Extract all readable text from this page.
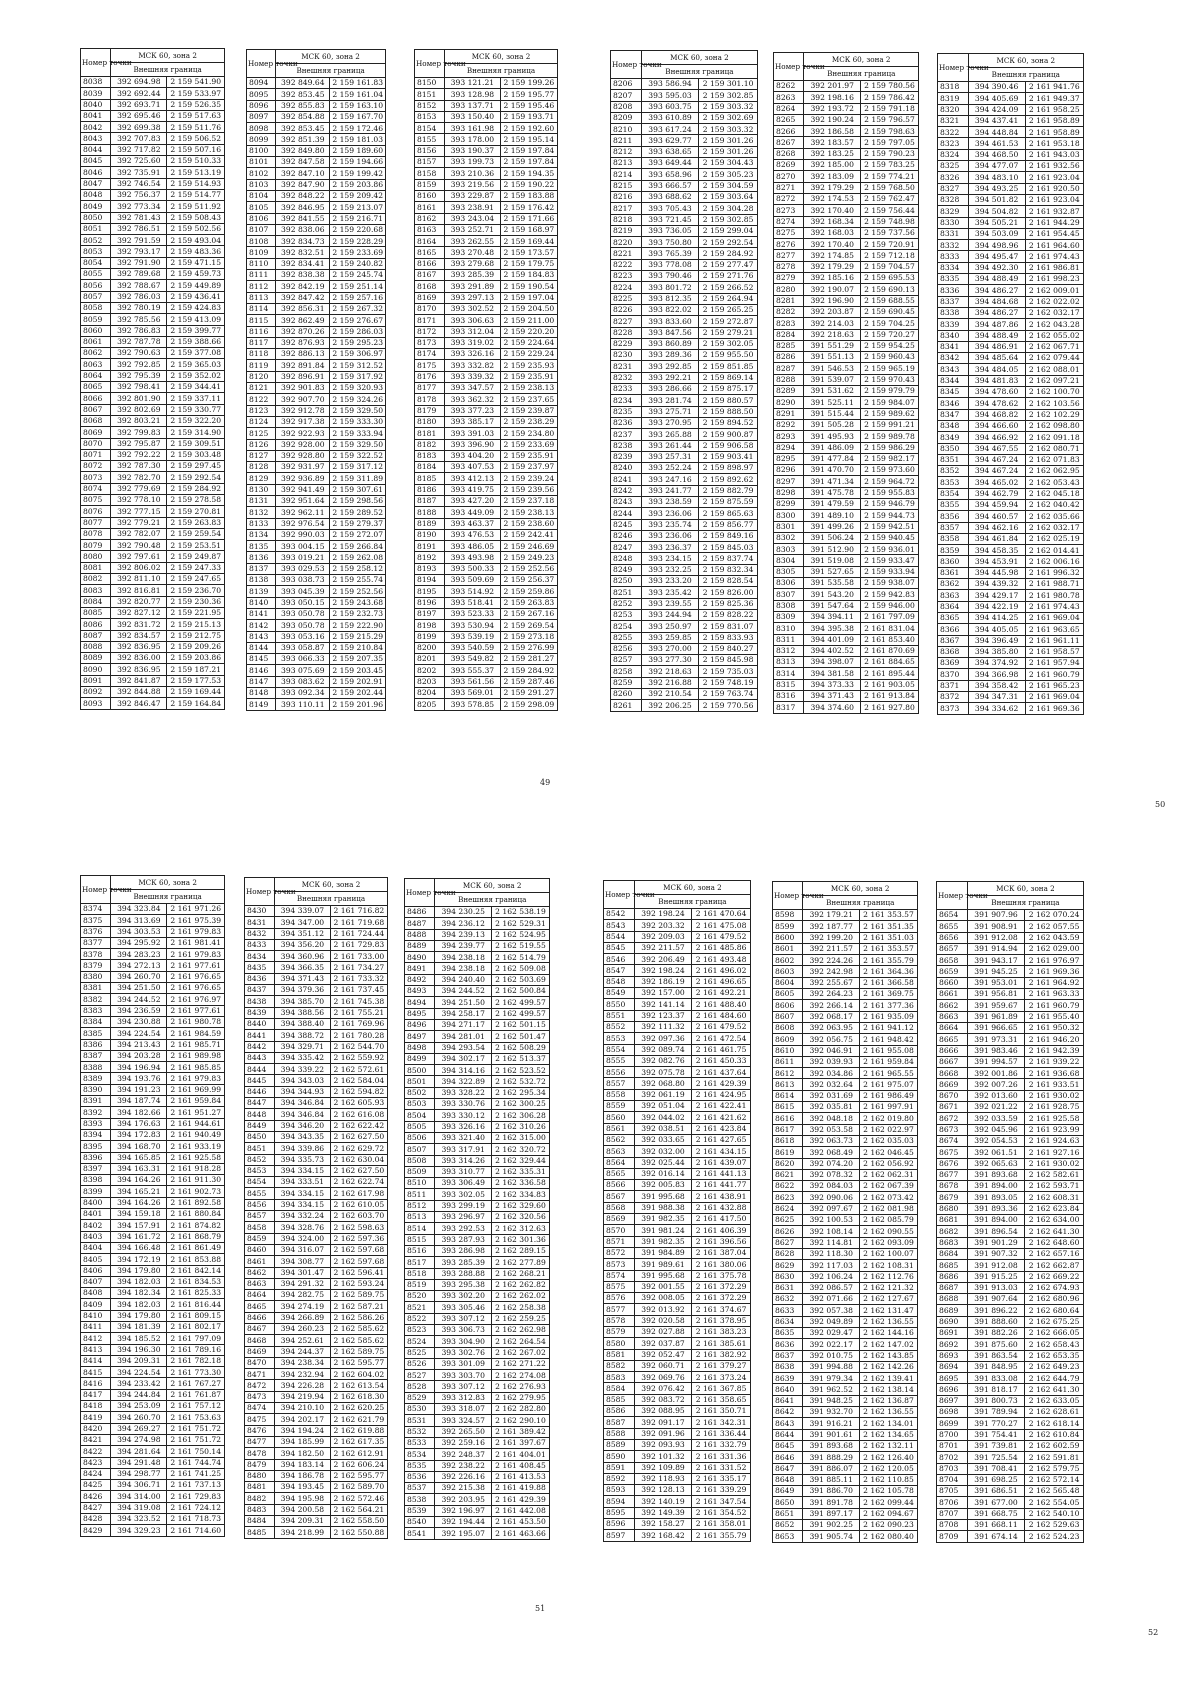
Номер точки	МСК 60, зона 2	
	Внешняя граница	
8038	392 694.98	2 159 541.90
8039	392 692.44	2 159 533.97
8040	392 693.71	2 159 526.35
8041	392 695.46	2 159 517.63
8042	392 699.38	2 159 511.76
8043	392 707.83	2 159 506.52
8044	392 717.82	2 159 507.16
8045	392 725.60	2 159 510.33
8046	392 735.91	2 159 513.19
8047	392 746.54	2 159 514.93
8048	392 756.37	2 159 514.77
8049	392 773.34	2 159 511.92
8050	392 781.43	2 159 508.43
8051	392 786.51	2 159 502.56
8052	392 791.59	2 159 493.04
8053	392 793.17	2 159 483.36
8054	392 791.90	2 159 471.15
8055	392 789.68	2 159 459.73
8056	392 788.67	2 159 449.89
8057	392 786.03	2 159 436.41
8058	392 780.19	2 159 424.83
8059	392 785.56	2 159 413.09
8060	392 786.83	2 159 399.77
8061	392 787.78	2 159 388.66
8062	392 790.63	2 159 377.08
8063	392 792.85	2 159 365.03
8064	392 795.39	2 159 352.02
8065	392 798.41	2 159 344.41
8066	392 801.90	2 159 337.11
8067	392 802.69	2 159 330.77
8068	392 803.21	2 159 322.20
8069	392 799.83	2 159 314.90
8070	392 795.87	2 159 309.51
8071	392 792.22	2 159 303.48
8072	392 787.30	2 159 297.45
8073	392 782.70	2 159 292.54
8074	392 779.69	2 159 284.92
8075	392 778.10	2 159 278.58
8076	392 777.15	2 159 270.81
8077	392 779.21	2 159 263.83
8078	392 782.07	2 159 259.54
8079	392 790.48	2 159 253.51
8080	392 797.61	2 159 249.87
8081	392 806.02	2 159 247.33
8082	392 811.10	2 159 247.65
8083	392 816.81	2 159 236.70
8084	392 820.77	2 159 230.36
8085	392 827.12	2 159 221.95
8086	392 831.72	2 159 215.13
8087	392 834.57	2 159 212.75
8088	392 836.95	2 159 209.26
8089	392 836.00	2 159 203.86
8090	392 836.95	2 159 187.21
8091	392 841.87	2 159 177.53
8092	392 844.88	2 159 169.44
8093	392 846.47	2 159 164.84
Номер точки	МСК 60, зона 2	
	Внешняя граница	
8094	392 849.64	2 159 161.83
8095	392 853.45	2 159 161.04
8096	392 855.83	2 159 163.10
8097	392 854.88	2 159 167.70
8098	392 853.45	2 159 172.46
8099	392 851.39	2 159 181.03
8100	392 849.80	2 159 189.60
8101	392 847.58	2 159 194.66
8102	392 847.10	2 159 199.42
8103	392 847.90	2 159 203.86
8104	392 848.22	2 159 209.42
8105	392 846.95	2 159 213.07
8106	392 841.55	2 159 216.71
8107	392 838.06	2 159 220.68
8108	392 834.73	2 159 228.29
8109	392 832.51	2 159 233.69
8110	392 834.41	2 159 240.82
8111	392 838.38	2 159 245.74
8112	392 842.19	2 159 251.14
8113	392 847.42	2 159 257.16
8114	392 856.31	2 159 267.32
8115	392 862.49	2 159 276.67
8116	392 870.26	2 159 286.03
8117	392 876.93	2 159 295.23
8118	392 886.13	2 159 306.97
8119	392 891.84	2 159 312.52
8120	392 896.91	2 159 317.92
8121	392 901.83	2 159 320.93
8122	392 907.70	2 159 324.26
8123	392 912.78	2 159 329.50
8124	392 917.38	2 159 333.30
8125	392 922.93	2 159 333.94
8126	392 928.00	2 159 329.50
8127	392 928.80	2 159 322.52
8128	392 931.97	2 159 317.12
8129	392 936.89	2 159 311.89
8130	392 941.49	2 159 307.61
8131	392 951.64	2 159 298.56
8132	392 962.11	2 159 289.52
8133	392 976.54	2 159 279.37
8134	392 990.03	2 159 272.07
8135	393 004.15	2 159 266.84
8136	393 019.21	2 159 262.08
8137	393 029.53	2 159 258.12
8138	393 038.73	2 159 255.74
8139	393 045.39	2 159 252.56
8140	393 050.15	2 159 243.68
8141	393 050.78	2 159 232.73
8142	393 050.78	2 159 222.90
8143	393 053.16	2 159 215.29
8144	393 058.87	2 159 210.84
8145	393 066.33	2 159 207.35
8146	393 075.69	2 159 203.45
8147	393 083.62	2 159 202.91
8148	393 092.34	2 159 202.44
8149	393 110.11	2 159 201.96
Номер точки	МСК 60, зона 2	
	Внешняя граница	
8150	393 121.21	2 159 199.26
8151	393 128.98	2 159 195.77
8152	393 137.71	2 159 195.46
8153	393 150.40	2 159 193.71
8154	393 161.98	2 159 192.60
8155	393 178.00	2 159 195.14
8156	393 190.37	2 159 197.84
8157	393 199.73	2 159 197.84
8158	393 210.36	2 159 194.35
8159	393 219.56	2 159 190.22
8160	393 229.87	2 159 183.88
8161	393 238.91	2 159 176.42
8162	393 243.04	2 159 171.66
8163	393 252.71	2 159 168.97
8164	393 262.55	2 159 169.44
8165	393 270.48	2 159 173.57
8166	393 279.68	2 159 179.75
8167	393 285.39	2 159 184.83
8168	393 291.89	2 159 190.54
8169	393 297.13	2 159 197.04
8170	393 302.52	2 159 204.50
8171	393 306.63	2 159 211.00
8172	393 312.04	2 159 220.20
8173	393 319.02	2 159 224.64
8174	393 326.16	2 159 229.24
8175	393 332.82	2 159 235.93
8176	393 339.32	2 159 235.91
8177	393 347.57	2 159 238.13
8178	393 362.32	2 159 237.65
8179	393 377.23	2 159 239.87
8180	393 385.17	2 159 238.29
8181	393 391.03	2 159 234.80
8182	393 396.90	2 159 233.69
8183	393 404.20	2 159 235.91
8184	393 407.53	2 159 237.97
8185	393 412.13	2 159 239.24
8186	393 419.75	2 159 239.56
8187	393 427.20	2 159 237.18
8188	393 449.09	2 159 238.13
8189	393 463.37	2 159 238.60
8190	393 476.53	2 159 242.41
8191	393 486.05	2 159 246.69
8192	393 493.98	2 159 249.23
8193	393 500.33	2 159 252.56
8194	393 509.69	2 159 256.37
8195	393 514.92	2 159 259.86
8196	393 518.41	2 159 263.83
8197	393 523.33	2 159 267.16
8198	393 530.94	2 159 269.54
8199	393 539.19	2 159 273.18
8200	393 540.59	2 159 276.99
8201	393 549.82	2 159 281.27
8202	393 555.37	2 159 284.92
8203	393 561.56	2 159 287.46
8204	393 569.01	2 159 291.27
8205	393 578.85	2 159 298.09
Номер точки	МСК 60, зона 2	
	Внешняя граница	
8206	393 586.94	2 159 301.10
8207	393 595.03	2 159 302.85
8208	393 603.75	2 159 303.32
8209	393 610.89	2 159 302.69
8210	393 617.24	2 159 303.32
8211	393 629.77	2 159 301.26
8212	393 638.65	2 159 301.26
8213	393 649.44	2 159 304.43
8214	393 658.96	2 159 305.23
8215	393 666.57	2 159 304.59
8216	393 688.62	2 159 303.64
8217	393 705.43	2 159 304.28
8218	393 721.45	2 159 302.85
8219	393 736.05	2 159 299.04
8220	393 750.80	2 159 292.54
8221	393 765.39	2 159 284.92
8222	393 778.08	2 159 277.47
8223	393 790.46	2 159 271.76
8224	393 801.72	2 159 266.52
8225	393 812.35	2 159 264.94
8226	393 822.02	2 159 265.25
8227	393 833.60	2 159 272.87
8228	393 847.56	2 159 279.21
8229	393 860.89	2 159 302.05
8230	393 289.36	2 159 955.50
8231	393 292.85	2 159 851.85
8232	393 292.21	2 159 869.14
8233	393 286.66	2 159 875.17
8234	393 281.74	2 159 880.57
8235	393 275.71	2 159 888.50
8236	393 270.95	2 159 894.52
8237	393 265.88	2 159 900.87
8238	393 261.44	2 159 906.58
8239	393 257.31	2 159 903.41
8240	393 252.24	2 159 898.97
8241	393 247.16	2 159 892.62
8242	393 241.77	2 159 882.79
8243	393 238.59	2 159 875.59
8244	393 236.06	2 159 865.63
8245	393 235.74	2 159 856.77
8246	393 236.06	2 159 849.16
8247	393 236.37	2 159 845.03
8248	393 234.15	2 159 837.74
8249	393 232.25	2 159 832.34
8250	393 233.20	2 159 828.54
8251	393 235.42	2 159 826.00
8252	393 239.55	2 159 825.36
8253	393 244.94	2 159 828.22
8254	393 250.97	2 159 831.07
8255	393 259.85	2 159 833.93
8256	393 270.00	2 159 840.27
8257	393 277.30	2 159 845.98
8258	392 218.63	2 159 735.03
8259	392 216.88	2 159 748.19
8260	392 210.54	2 159 763.74
8261	392 206.25	2 159 770.56
Номер точки	МСК 60, зона 2	
	Внешняя граница	
8262	392 201.97	2 159 780.56
8263	392 198.16	2 159 786.42
8264	392 193.72	2 159 791.18
8265	392 190.24	2 159 796.57
8266	392 186.58	2 159 798.63
8267	392 183.57	2 159 797.05
8268	392 183.25	2 159 790.23
8269	392 185.00	2 159 783.25
8270	392 183.09	2 159 774.21
8271	392 179.29	2 159 768.50
8272	392 174.53	2 159 762.47
8273	392 170.40	2 159 756.44
8274	392 168.34	2 159 748.98
8275	392 168.03	2 159 737.56
8276	392 170.40	2 159 720.91
8277	392 174.85	2 159 712.18
8278	392 179.29	2 159 704.57
8279	392 185.16	2 159 695.53
8280	392 190.07	2 159 690.13
8281	392 196.90	2 159 688.55
8282	392 203.87	2 159 690.45
8283	392 214.03	2 159 704.25
8284	392 218.63	2 159 720.27
8285	391 551.29	2 159 954.25
8286	391 551.13	2 159 960.43
8287	391 546.53	2 159 965.19
8288	391 539.07	2 159 970.43
8289	391 531.62	2 159 979.79
8290	391 525.11	2 159 984.07
8291	391 515.44	2 159 989.62
8292	391 505.28	2 159 991.21
8293	391 495.93	2 159 989.78
8294	391 486.09	2 159 986.29
8295	391 477.84	2 159 982.17
8296	391 470.70	2 159 973.60
8297	391 471.34	2 159 964.72
8298	391 475.78	2 159 955.83
8299	391 479.59	2 159 946.79
8300	391 489.10	2 159 944.73
8301	391 499.26	2 159 942.51
8302	391 506.24	2 159 940.45
8303	391 512.90	2 159 936.01
8304	391 519.08	2 159 933.47
8305	391 527.65	2 159 933.94
8306	391 535.58	2 159 938.07
8307	391 543.20	2 159 942.83
8308	391 547.64	2 159 946.00
8309	394 394.11	2 161 797.09
8310	394 395.38	2 161 831.04
8311	394 401.09	2 161 853.40
8312	394 402.52	2 161 870.69
8313	394 398.07	2 161 884.65
8314	394 381.58	2 161 895.44
8315	394 373.33	2 161 903.05
8316	394 371.43	2 161 913.84
8317	394 374.60	2 161 927.80
Номер точки	МСК 60, зона 2	
	Внешняя граница	
8318	394 390.46	2 161 941.76
8319	394 405.69	2 161 949.37
8320	394 424.09	2 161 958.25
8321	394 437.41	2 161 958.89
8322	394 448.84	2 161 958.89
8323	394 461.53	2 161 953.18
8324	394 468.50	2 161 943.03
8325	394 477.07	2 161 932.56
8326	394 483.10	2 161 923.04
8327	394 493.25	2 161 920.50
8328	394 501.82	2 161 923.04
8329	394 504.82	2 161 932.87
8330	394 505.21	2 161 944.29
8331	394 503.09	2 161 954.45
8332	394 498.96	2 161 964.60
8333	394 495.47	2 161 974.43
8334	394 492.30	2 161 986.81
8335	394 488.49	2 161 998.23
8336	394 486.27	2 162 009.01
8337	394 484.68	2 162 022.02
8338	394 486.27	2 162 032.17
8339	394 487.86	2 162 043.28
8340	394 488.49	2 162 055.02
8341	394 486.91	2 162 067.71
8342	394 485.64	2 162 079.44
8343	394 484.05	2 162 088.01
8344	394 481.83	2 162 097.21
8345	394 478.60	2 162 100.70
8346	394 478.62	2 162 103.56
8347	394 468.82	2 162 102.29
8348	394 466.60	2 162 098.80
8349	394 466.92	2 162 091.18
8350	394 467.55	2 162 080.71
8351	394 467.24	2 162 071.83
8352	394 467.24	2 162 062.95
8353	394 465.02	2 162 053.43
8354	394 462.79	2 162 045.18
8355	394 459.94	2 162 040.42
8356	394 460.57	2 162 035.66
8357	394 462.16	2 162 032.17
8358	394 461.84	2 162 025.19
8359	394 458.35	2 162 014.41
8360	394 453.91	2 162 006.16
8361	394 445.98	2 161 996.32
8362	394 439.32	2 161 988.71
8363	394 429.17	2 161 980.78
8364	394 422.19	2 161 974.43
8365	394 414.25	2 161 969.04
8366	394 405.05	2 161 963.65
8367	394 396.49	2 161 961.11
8368	394 385.80	2 161 958.57
8369	394 374.92	2 161 957.94
8370	394 366.98	2 161 960.79
8371	394 358.42	2 161 965.23
8372	394 347.31	2 161 969.04
8373	394 334.62	2 161 969.36
Номер точки	МСК 60, зона 2	
	Внешняя граница	
8374	394 323.84	2 161 971.26
8375	394 313.69	2 161 975.39
8376	394 303.53	2 161 979.83
8377	394 295.92	2 161 981.41
8378	394 283.23	2 161 979.83
8379	394 272.13	2 161 977.61
8380	394 260.70	2 161 976.65
8381	394 251.50	2 161 976.65
8382	394 244.52	2 161 976.97
8383	394 236.59	2 161 977.61
8384	394 230.88	2 161 980.78
8385	394 224.54	2 161 984.59
8386	394 213.43	2 161 985.71
8387	394 203.28	2 161 989.98
8388	394 196.94	2 161 985.85
8389	394 193.76	2 161 979.83
8390	394 191.23	2 161 969.99
8391	394 187.74	2 161 959.84
8392	394 182.66	2 161 951.27
8393	394 176.63	2 161 944.61
8394	394 172.83	2 161 940.49
8395	394 168.70	2 161 933.19
8396	394 165.85	2 161 925.58
8397	394 163.31	2 161 918.28
8398	394 164.26	2 161 911.30
8399	394 165.21	2 161 902.73
8400	394 164.26	2 161 892.58
8401	394 159.18	2 161 880.84
8402	394 157.91	2 161 874.82
8403	394 161.72	2 161 868.79
8404	394 166.48	2 161 861.49
8405	394 172.19	2 161 853.88
8406	394 179.80	2 161 842.14
8407	394 182.03	2 161 834.53
8408	394 182.34	2 161 825.33
8409	394 182.03	2 161 816.44
8410	394 179.80	2 161 809.15
8411	394 181.39	2 161 802.17
8412	394 185.52	2 161 797.09
8413	394 196.30	2 161 789.16
8414	394 209.31	2 161 782.18
8415	394 224.54	2 161 773.30
8416	394 233.42	2 161 767.27
8417	394 244.84	2 161 761.87
8418	394 253.09	2 161 757.12
8419	394 260.70	2 161 753.63
8420	394 269.27	2 161 751.72
8421	394 274.98	2 161 751.72
8422	394 281.64	2 161 750.14
8423	394 291.48	2 161 744.74
8424	394 298.77	2 161 741.25
8425	394 306.71	2 161 737.13
8426	394 314.00	2 161 729.83
8427	394 319.08	2 161 724.12
8428	394 323.52	2 161 718.73
8429	394 329.23	2 161 714.60
Номер точки	МСК 60, зона 2	
	Внешняя граница	
8430	394 339.07	2 161 716.82
8431	394 347.00	2 161 719.68
8432	394 351.12	2 161 724.44
8433	394 356.20	2 161 729.83
8434	394 360.96	2 161 733.00
8435	394 366.35	2 161 734.27
8436	394 371.43	2 161 733.32
8437	394 379.36	2 161 737.45
8438	394 385.70	2 161 745.38
8439	394 388.56	2 161 755.21
8440	394 388.40	2 161 769.96
8441	394 388.72	2 161 780.28
8442	394 329.71	2 162 544.70
8443	394 335.42	2 162 559.92
8444	394 339.22	2 162 572.61
8445	394 343.03	2 162 584.04
8446	394 344.93	2 162 594.82
8447	394 346.84	2 162 605.93
8448	394 346.84	2 162 616.08
8449	394 346.20	2 162 622.42
8450	394 343.35	2 162 627.50
8451	394 339.86	2 162 629.72
8452	394 335.73	2 162 630.04
8453	394 334.15	2 162 627.50
8454	394 333.51	2 162 622.74
8455	394 334.15	2 162 617.98
8456	394 334.15	2 162 610.05
8457	394 332.24	2 162 603.70
8458	394 328.76	2 162 598.63
8459	394 324.00	2 162 597.36
8460	394 316.07	2 162 597.68
8461	394 308.77	2 162 597.68
8462	394 301.47	2 162 596.41
8463	394 291.32	2 162 593.24
8464	394 282.75	2 162 589.75
8465	394 274.19	2 162 587.21
8466	394 266.89	2 162 586.26
8467	394 260.23	2 162 585.62
8468	394 252.61	2 162 585.62
8469	394 244.37	2 162 589.75
8470	394 238.34	2 162 595.77
8471	394 232.94	2 162 604.02
8472	394 226.28	2 162 613.54
8473	394 219.94	2 162 618.30
8474	394 210.10	2 162 620.25
8475	394 202.17	2 162 621.79
8476	394 194.24	2 162 619.88
8477	394 185.99	2 162 617.35
8478	394 182.50	2 162 612.91
8479	394 183.14	2 162 606.24
8480	394 186.78	2 162 595.77
8481	394 193.45	2 162 589.70
8482	394 195.98	2 162 572.46
8483	394 200.58	2 162 564.21
8484	394 209.31	2 162 558.50
8485	394 218.99	2 162 550.88
Номер точки	МСК 60, зона 2	
	Внешняя граница	
8486	394 230.25	2 162 538.19
8487	394 236.12	2 162 529.31
8488	394 239.13	2 162 524.95
8489	394 239.77	2 162 519.55
8490	394 238.18	2 162 514.79
8491	394 238.18	2 162 509.08
8492	394 240.40	2 162 503.69
8493	394 244.52	2 162 500.84
8494	394 251.50	2 162 499.57
8495	394 258.17	2 162 499.57
8496	394 271.17	2 162 501.15
8497	394 281.01	2 162 501.47
8498	394 293.54	2 162 508.29
8499	394 302.17	2 162 513.37
8500	394 314.16	2 162 523.52
8501	394 322.89	2 162 532.72
8502	393 328.22	2 162 295.34
8503	393 330.76	2 162 300.25
8504	393 330.12	2 162 306.28
8505	393 326.16	2 162 310.26
8506	393 321.40	2 162 315.00
8507	393 317.91	2 162 320.72
8508	393 314.26	2 162 329.44
8509	393 310.77	2 162 335.31
8510	393 306.49	2 162 336.58
8511	393 302.05	2 162 334.83
8512	393 299.19	2 162 329.60
8513	393 296.97	2 162 320.56
8514	393 292.53	2 162 312.63
8515	393 287.93	2 162 301.36
8516	393 286.98	2 162 289.15
8517	393 285.39	2 162 277.89
8518	393 288.88	2 162 268.21
8519	393 295.38	2 162 262.82
8520	393 302.20	2 162 262.02
8521	393 305.46	2 162 258.38
8522	393 307.12	2 162 259.25
8523	393 306.73	2 162 262.98
8524	393 304.90	2 162 264.54
8525	393 302.76	2 162 267.02
8526	393 301.09	2 162 271.22
8527	393 303.70	2 162 274.08
8528	393 307.12	2 162 276.93
8529	393 312.83	2 162 279.95
8530	393 318.07	2 162 282.80
8531	393 324.57	2 162 290.10
8532	392 265.50	2 161 389.42
8533	392 259.16	2 161 397.67
8534	392 248.37	2 161 404.01
8535	392 238.22	2 161 408.45
8536	392 226.16	2 161 413.53
8537	392 215.38	2 161 419.88
8538	392 203.95	2 161 429.39
8539	392 196.97	2 161 442.08
8540	392 194.44	2 161 453.50
8541	392 195.07	2 161 463.66
Номер точки	МСК 60, зона 2	
	Внешняя граница	
8542	392 198.24	2 161 470.64
8543	392 203.32	2 161 475.08
8544	392 209.03	2 161 479.52
8545	392 211.57	2 161 485.86
8546	392 206.49	2 161 493.48
8547	392 198.24	2 161 496.02
8548	392 186.19	2 161 496.65
8549	392 157.00	2 161 492.21
8550	392 141.14	2 161 488.40
8551	392 123.37	2 161 484.60
8552	392 111.32	2 161 479.52
8553	392 097.36	2 161 472.54
8554	392 089.74	2 161 461.75
8555	392 082.76	2 161 450.33
8556	392 075.78	2 161 437.64
8557	392 068.80	2 161 429.39
8558	392 061.19	2 161 424.95
8559	392 051.04	2 161 422.41
8560	392 044.02	2 161 421.62
8561	392 038.51	2 161 423.84
8562	392 033.65	2 161 427.65
8563	392 032.00	2 161 434.15
8564	392 025.44	2 161 439.07
8565	392 016.14	2 161 441.13
8566	392 005.83	2 161 441.77
8567	391 995.68	2 161 438.91
8568	391 988.38	2 161 432.88
8569	391 982.35	2 161 417.50
8570	391 981.24	2 161 406.39
8571	391 982.35	2 161 396.56
8572	391 984.89	2 161 387.04
8573	391 989.61	2 161 380.06
8574	391 995.68	2 161 375.78
8575	392 001.55	2 161 372.29
8576	392 008.05	2 161 372.29
8577	392 013.92	2 161 374.67
8578	392 020.58	2 161 378.95
8579	392 027.88	2 161 383.23
8580	392 037.87	2 161 385.61
8581	392 052.47	2 161 382.92
8582	392 060.71	2 161 379.27
8583	392 069.76	2 161 373.24
8584	392 076.42	2 161 367.85
8585	392 083.72	2 161 358.65
8586	392 088.95	2 161 350.71
8587	392 091.17	2 161 342.31
8588	392 091.96	2 161 336.44
8589	392 093.93	2 161 332.79
8590	392 101.32	2 161 331.36
8591	392 109.89	2 161 331.52
8592	392 118.93	2 161 335.17
8593	392 128.13	2 161 339.29
8594	392 140.19	2 161 347.54
8595	392 149.39	2 161 354.52
8596	392 158.27	2 161 358.01
8597	392 168.42	2 161 355.79
Номер точки	МСК 60, зона 2	
	Внешняя граница	
8598	392 179.21	2 161 353.57
8599	392 187.77	2 161 351.35
8600	392 199.20	2 161 351.03
8601	392 211.57	2 161 353.57
8602	392 224.26	2 161 355.79
8603	392 242.98	2 161 364.36
8604	392 255.67	2 161 366.58
8605	392 264.23	2 161 369.75
8606	392 266.14	2 161 377.36
8607	392 068.17	2 161 935.09
8608	392 063.95	2 161 941.12
8609	392 056.75	2 161 948.42
8610	392 046.91	2 161 955.08
8611	392 039.93	2 161 959.84
8612	392 034.86	2 161 965.55
8613	392 032.64	2 161 975.07
8614	392 031.69	2 161 986.49
8615	392 035.81	2 161 997.91
8616	392 048.18	2 162 019.80
8617	392 053.58	2 162 022.97
8618	392 063.73	2 162 035.03
8619	392 068.49	2 162 046.45
8620	392 074.20	2 162 056.92
8621	392 078.32	2 162 062.31
8622	392 084.03	2 162 067.39
8623	392 090.06	2 162 073.42
8624	392 097.67	2 162 081.98
8625	392 100.53	2 162 085.79
8626	392 108.14	2 162 090.55
8627	392 114.81	2 162 093.09
8628	392 118.30	2 162 100.07
8629	392 117.03	2 162 108.31
8630	392 106.24	2 162 112.76
8631	392 086.57	2 162 121.32
8632	392 071.66	2 162 127.67
8633	392 057.38	2 162 131.47
8634	392 049.89	2 162 136.55
8635	392 029.47	2 162 144.16
8636	392 022.17	2 162 147.02
8637	392 010.75	2 162 143.85
8638	391 994.88	2 162 142.26
8639	391 979.34	2 162 139.41
8640	391 962.52	2 162 138.14
8641	391 948.25	2 162 136.87
8642	391 932.70	2 162 136.55
8643	391 916.21	2 162 134.01
8644	391 901.61	2 162 134.65
8645	391 893.68	2 162 132.11
8646	391 888.29	2 162 126.40
8647	391 886.07	2 162 120.05
8648	391 885.11	2 162 110.85
8649	391 886.70	2 162 105.78
8650	391 891.78	2 162 099.44
8651	391 897.17	2 162 094.67
8652	391 902.25	2 162 090.23
8653	391 905.74	2 162 080.40
Номер точки	МСК 60, зона 2	
	Внешняя граница	
8654	391 907.96	2 162 070.24
8655	391 908.91	2 162 057.55
8656	391 912.08	2 162 043.59
8657	391 914.94	2 162 029.00
8658	391 943.17	2 161 976.97
8659	391 945.25	2 161 969.36
8660	391 953.01	2 161 964.92
8661	391 956.81	2 161 963.33
8662	391 959.67	2 161 960.79
8663	391 961.89	2 161 955.40
8664	391 966.65	2 161 950.32
8665	391 973.31	2 161 946.20
8666	391 983.46	2 161 942.39
8667	391 994.57	2 161 939.22
8668	392 001.86	2 161 936.68
8669	392 007.26	2 161 933.51
8670	392 013.60	2 161 930.02
8671	392 021.22	2 161 928.75
8672	392 033.59	2 161 925.58
8673	392 045.96	2 161 923.99
8674	392 054.53	2 161 924.63
8675	392 061.51	2 161 927.16
8676	392 065.63	2 161 930.02
8677	391 893.68	2 162 582.61
8678	391 894.00	2 162 593.71
8679	391 893.05	2 162 608.31
8680	391 893.36	2 162 623.84
8681	391 894.00	2 162 634.00
8682	391 896.54	2 162 641.30
8683	391 901.29	2 162 648.60
8684	391 907.32	2 162 657.16
8685	391 912.08	2 162 662.87
8686	391 915.25	2 162 669.22
8687	391 913.03	2 162 674.93
8688	391 907.64	2 162 680.96
8689	391 896.22	2 162 680.64
8690	391 888.60	2 162 675.25
8691	391 882.26	2 162 666.05
8692	391 875.60	2 162 658.43
8693	391 863.54	2 162 653.35
8694	391 848.95	2 162 649.23
8695	391 833.08	2 162 644.79
8696	391 818.17	2 162 641.30
8697	391 800.73	2 162 633.05
8698	391 789.94	2 162 628.61
8699	391 770.27	2 162 618.14
8700	391 754.41	2 162 610.84
8701	391 739.81	2 162 602.59
8702	391 725.54	2 162 591.81
8703	391 708.41	2 162 579.75
8704	391 698.25	2 162 572.14
8705	391 686.51	2 162 565.48
8706	391 677.00	2 162 554.05
8707	391 668.75	2 162 540.10
8708	391 668.11	2 162 529.63
8709	391 674.14	2 162 524.23
49
50
51
52
